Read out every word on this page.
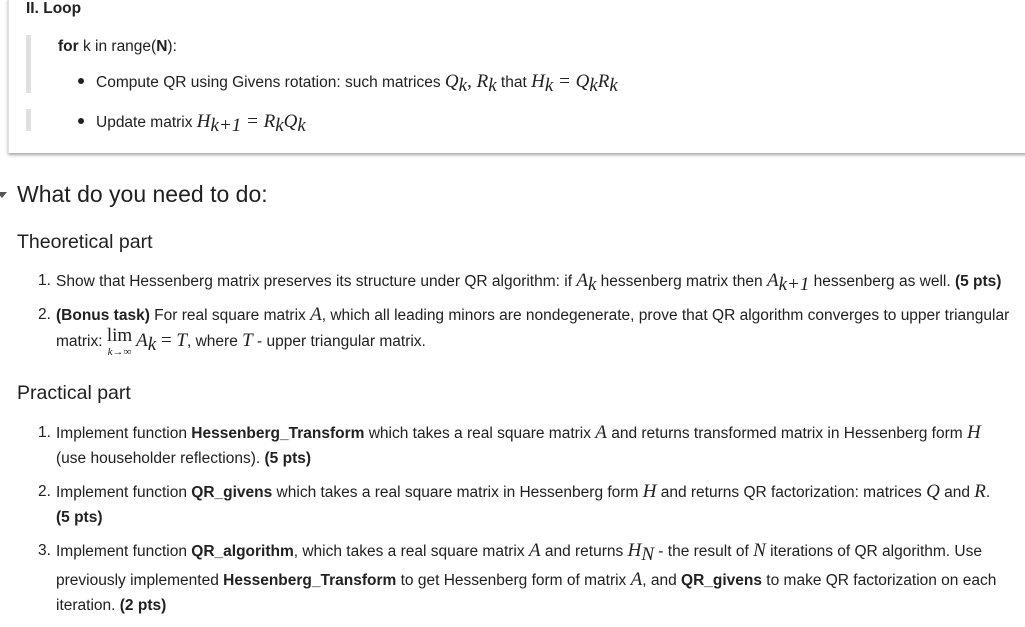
II. Loop
for k in range(N):
Compute QR using Givens rotation: such matrices $Q_k$, $R_k$ that $H_k = Q_kR_k$
Update matrix $H_{k+1} = R_kQ_k$
What do you need to do:
Theoretical part
1. Show that Hessenberg matrix preserves its structure under QR algorithm: if $A_k$ hessenberg matrix then $A_{k+1}$ hessenberg as well. (5 pts)
2. (Bonus task) For real square matrix A, which all leading minors are nondegenerate, prove that QR algorithm converges to upper triangular
matrix: lim
k→∞
$A_k = T$, where T - upper triangular matrix.
Practical part
1. Implement function Hessenberg_Transform which takes a real square matrix A and returns transformed matrix in Hessenberg form H
(use householder reflections). (5 pts)
2. Implement function QR_givens which takes a real square matrix in Hessenberg form H and returns QR factorization: matrices Q and R.
(5 pts)
3. Implement function QR_algorithm, which takes a real square matrix A and returns $H_N$ - the result of N iterations of QR algorithm. Use
previously implemented Hessenberg_Transform to get Hessenberg form of matrix A, and QR_givens to make QR factorization on each
iteration. (2 pts)
